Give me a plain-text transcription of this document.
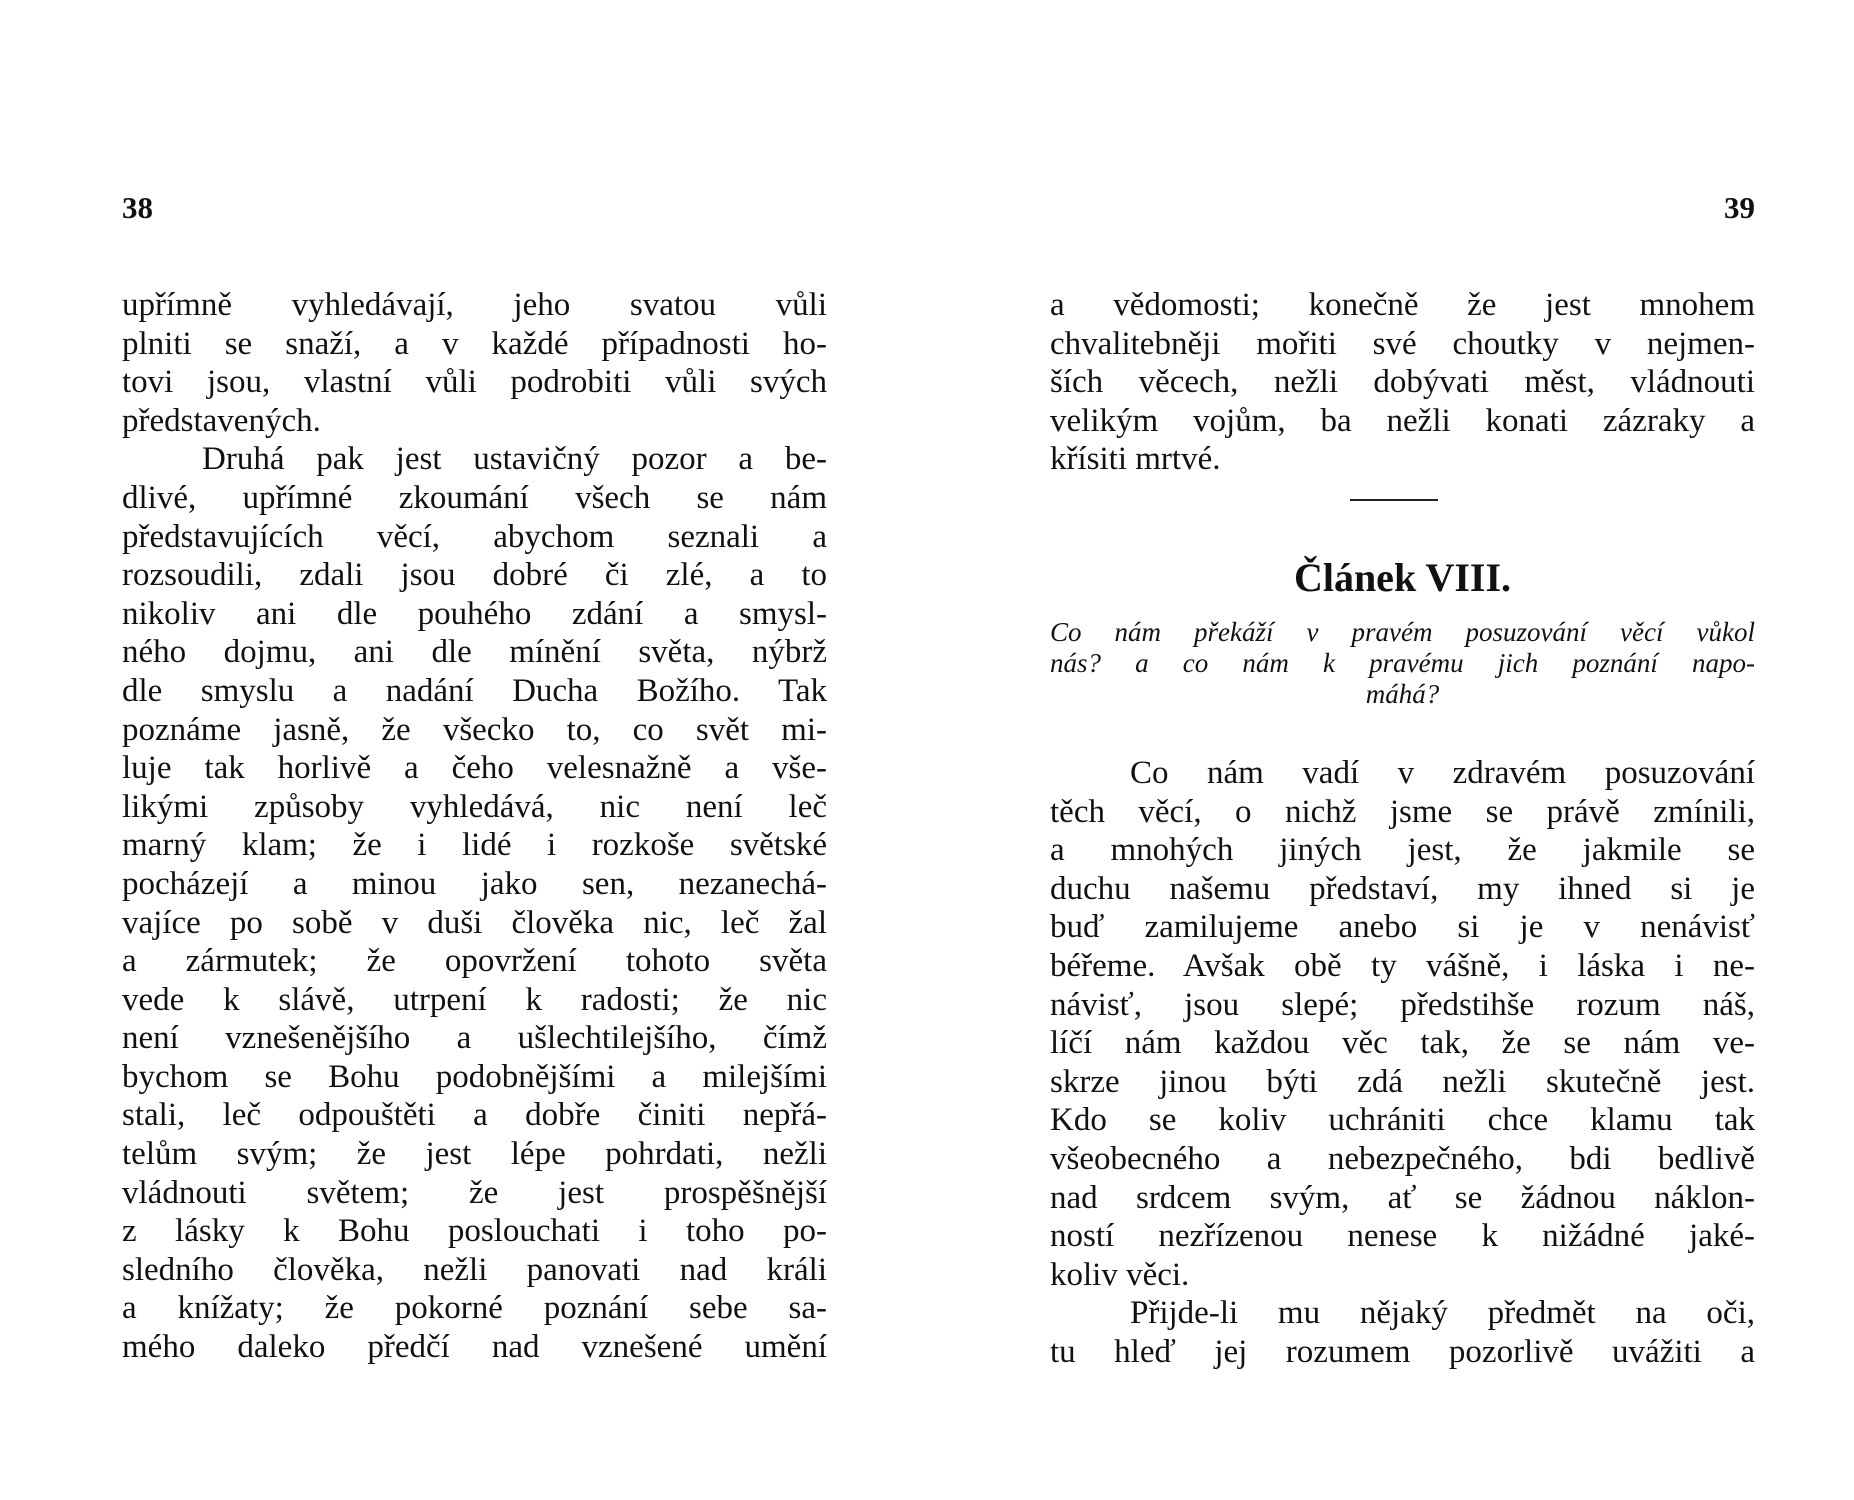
38
upřímně vyhledávají, jeho svatou vůli
plniti se snaží, a v každé případnosti ho-
tovi jsou, vlastní vůli podrobiti vůli svých
představených.
Druhá pak jest ustavičný pozor a be-
dlivé, upřímné zkoumání všech se nám
představujících věcí, abychom seznali a
rozsoudili, zdali jsou dobré či zlé, a to
nikoliv ani dle pouhého zdání a smysl-
ného dojmu, ani dle mínění světa, nýbrž
dle smyslu a nadání Ducha Božího. Tak
poznáme jasně, že všecko to, co svět mi-
luje tak horlivě a čeho velesnažně a vše-
likými způsoby vyhledává, nic není leč
marný klam; že i lidé i rozkoše světské
pocházejí a minou jako sen, nezanechá-
vajíce po sobě v duši člověka nic, leč žal
a zármutek; že opovržení tohoto světa
vede k slávě, utrpení k radosti; že nic
není vznešenějšího a ušlechtilejšího, čímž
bychom se Bohu podobnějšími a milejšími
stali, leč odpouštěti a dobře činiti nepřá-
telům svým; že jest lépe pohrdati, nežli
vládnouti světem; že jest prospěšnější
z lásky k Bohu poslouchati i toho po-
sledního člověka, nežli panovati nad králi
a knížaty; že pokorné poznání sebe sa-
mého daleko předčí nad vznešené umění
39
a vědomosti; konečně že jest mnohem
chvalitebněji mořiti své choutky v nejmen-
ších věcech, nežli dobývati měst, vládnouti
velikým vojům, ba nežli konati zázraky a
křísiti mrtvé.
Článek VIII.
Co nám překáží v pravém posuzování věcí vůkol
nás? a co nám k pravému jich poznání napo-
máhá?
Co nám vadí v zdravém posuzování
těch věcí, o nichž jsme se právě zmínili,
a mnohých jiných jest, že jakmile se
duchu našemu představí, my ihned si je
buď zamilujeme anebo si je v nenávisť
béřeme. Avšak obě ty vášně, i láska i ne-
návisť, jsou slepé; předstihše rozum náš,
líčí nám každou věc tak, že se nám ve-
skrze jinou býti zdá nežli skutečně jest.
Kdo se koliv uchrániti chce klamu tak
všeobecného a nebezpečného, bdi bedlivě
nad srdcem svým, ať se žádnou náklon-
ností nezřízenou nenese k nižádné jaké-
koliv věci.
Přijde-li mu nějaký předmět na oči,
tu hleď jej rozumem pozorlivě uvážiti a
